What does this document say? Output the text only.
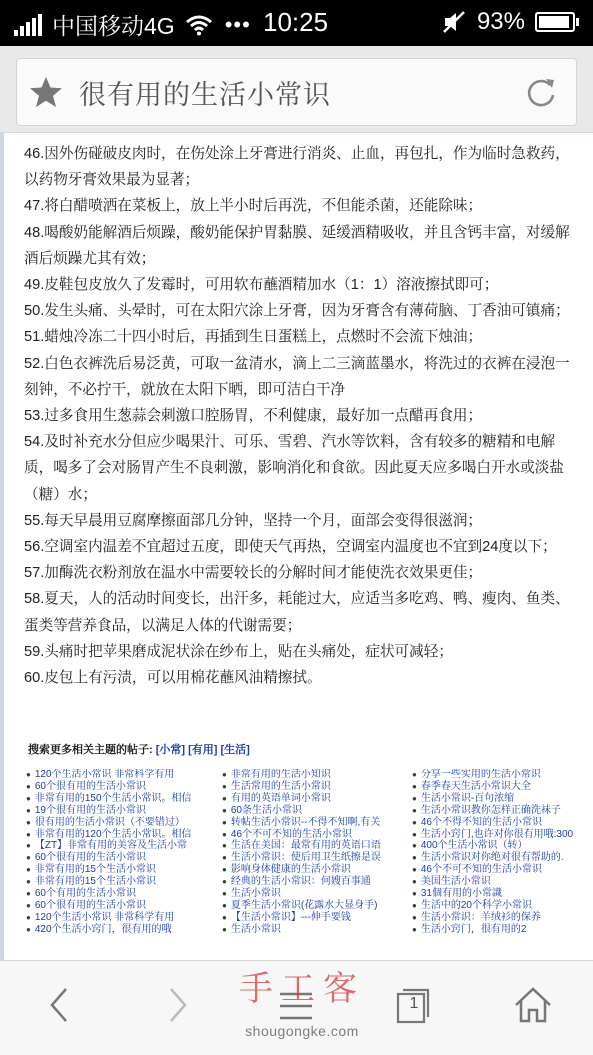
中国移动4G ••• 10:25	93%
很有用的生活小常识
46.因外伤碰破皮肉时，在伤处涂上牙膏进行消炎、止血，再包扎，作为临时急救药，
以药物牙膏效果最为显著；
47.将白醋喷洒在菜板上，放上半小时后再洗，不但能杀菌，还能除味；
48.喝酸奶能解酒后烦躁，酸奶能保护胃黏膜、延缓酒精吸收，并且含钙丰富，对缓解
酒后烦躁尤其有效；
49.皮鞋包皮放久了发霉时，可用软布蘸酒精加水（1：1）溶液擦拭即可；
50.发生头痛、头晕时，可在太阳穴涂上牙膏，因为牙膏含有薄荷脑、丁香油可镇痛；
51.蜡烛冷冻二十四小时后，再插到生日蛋糕上，点燃时不会流下烛油；
52.白色衣裤洗后易泛黄，可取一盆清水，滴上二三滴蓝墨水，将洗过的衣裤在浸泡一
刻钟，不必拧干，就放在太阳下晒，即可洁白干净
53.过多食用生葱蒜会刺激口腔肠胃，不利健康，最好加一点醋再食用；
54.及时补充水分但应少喝果汁、可乐、雪碧、汽水等饮料，含有较多的糖精和电解
质，喝多了会对肠胃产生不良刺激，影响消化和食欲。因此夏天应多喝白开水或淡盐
（糖）水；
55.每天早晨用豆腐摩擦面部几分钟，坚持一个月，面部会变得很滋润；
56.空调室内温差不宜超过五度，即使天气再热，空调室内温度也不宜到24度以下；
57.加酶洗衣粉剂放在温水中需要较长的分解时间才能使洗衣效果更佳；
58.夏天，人的活动时间变长，出汗多，耗能过大，应适当多吃鸡、鸭、瘦肉、鱼类、
蛋类等营养食品，以满足人体的代谢需要；
59.头痛时把苹果磨成泥状涂在纱布上，贴在头痛处，症状可减轻；
60.皮包上有污渍，可以用棉花蘸风油精擦拭。
搜索更多相关主题的帖子: [小常] [有用] [生活]
● 120个生活小常识 非常科学有用
● 60个很有用的生活小常识
● 非常有用的150个生活小常识。相信
● 19个很有用的生活小常识
● 很有用的生活小常识（不要错过）
● 非常有用的120个生活小常识。相信
● 【ZT】非常有用的美容及生活小常
● 60个很有用的生活小常识
● 非常有用的15个生活小常识
● 非常有用的15个生活小常识
● 60个有用的生活小常识
● 60个很有用的生活小常识
● 120个生活小常识 非常科学有用
● 420个生活小窍门，很有用的哦
● 非常有用的生活小知识
● 生活常用的生活小常识
● 有用的英语单词小常识
● 60条生活小常识
● 转帖生活小常识--不得不知啊,有关
● 46个不可不知的生活小常识
● 生活在美国：最常有用的英语口语
● 生活小常识：使后用卫生纸擦是误
● 影响身体健康的生活小常识
● 经典的生活小常识：何嫂百事通
● 生活小常识
● 夏季生活小常识(花露水大显身手)
● 【生活小常识】---伸手要钱
● 生活小常识
● 分享一些实用的生活小常识
● 春季春天生活小常识大全
● 生活小常识-百句浓缩
● 生活小常识教你怎样正确洗袜子
● 46个不得不知的生活小常识
● 生活小窍门,也许对你很有用哦:300
● 400个生活小常识（转）
● 生活小常识对你绝对很有帮助的.
● 46个不可不知的生活小常识
● 美国生活小常识
● 31個有用的小常識
● 生活中的20个科学小常识
● 生活小常识：羊绒衫的保养
● 生活小窍门，很有用的2
手工客
shougongke.com
1
